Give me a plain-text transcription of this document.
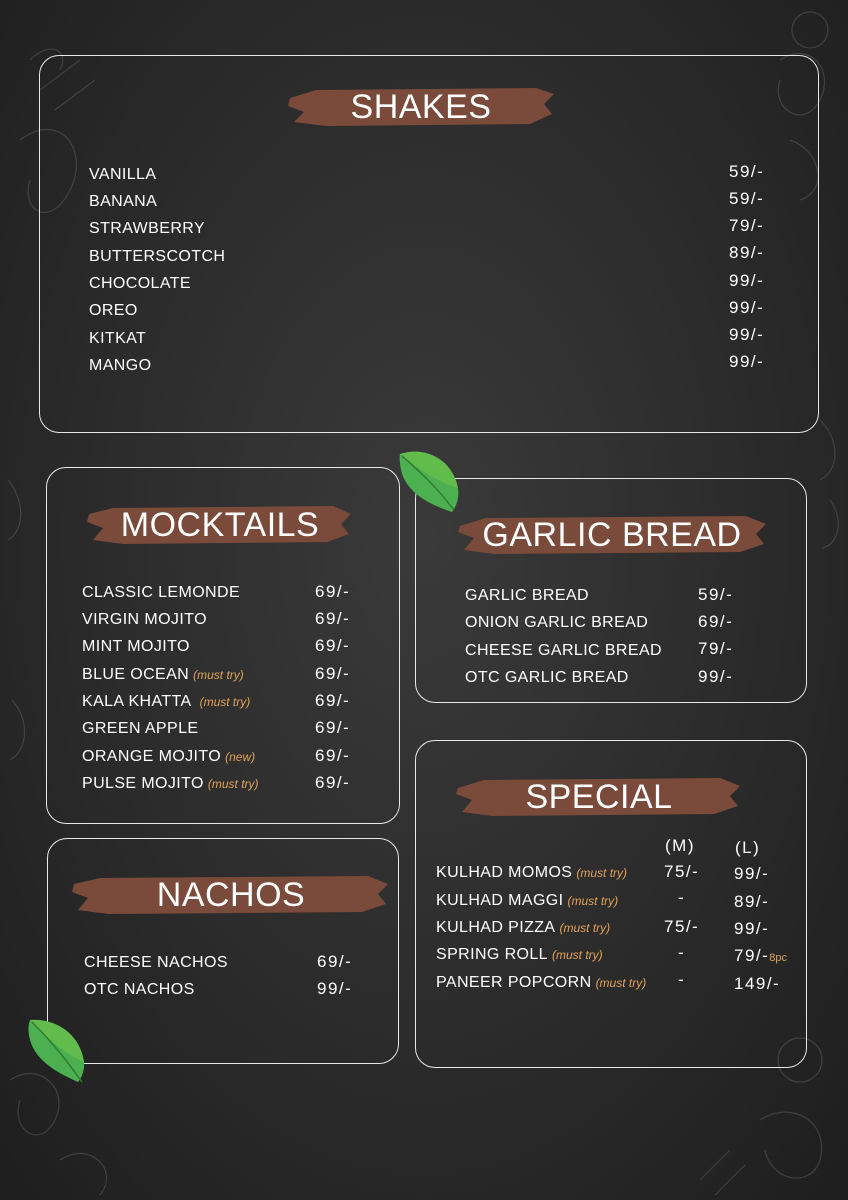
SHAKES
VANILLA	59/-
BANANA	59/-
STRAWBERRY	79/-
BUTTERSCOTCH	89/-
CHOCOLATE	99/-
OREO	99/-
KITKAT	99/-
MANGO	99/-
MOCKTAILS
CLASSIC LEMONDE	69/-
VIRGIN MOJITO	69/-
MINT MOJITO	69/-
BLUE OCEAN (must try)	69/-
KALA KHATTA (must try)	69/-
GREEN APPLE	69/-
ORANGE MOJITO (new)	69/-
PULSE MOJITO (must try)	69/-
GARLIC BREAD
GARLIC BREAD	59/-
ONION GARLIC BREAD	69/-
CHEESE GARLIC BREAD 79/-
OTC GARLIC BREAD	99/-
NACHOS
CHEESE NACHOS	69/-
OTC NACHOS	99/-
SPECIAL
(M) (L)
KULHAD MOMOS (must try) 75/- 99/-
KULHAD MAGGI (must try)	-	89/-
KULHAD PIZZA (must try)	75/- 99/-
SPRING ROLL (must try)	-	79/-8pc
PANEER POPCORN (must try) -	149/-
